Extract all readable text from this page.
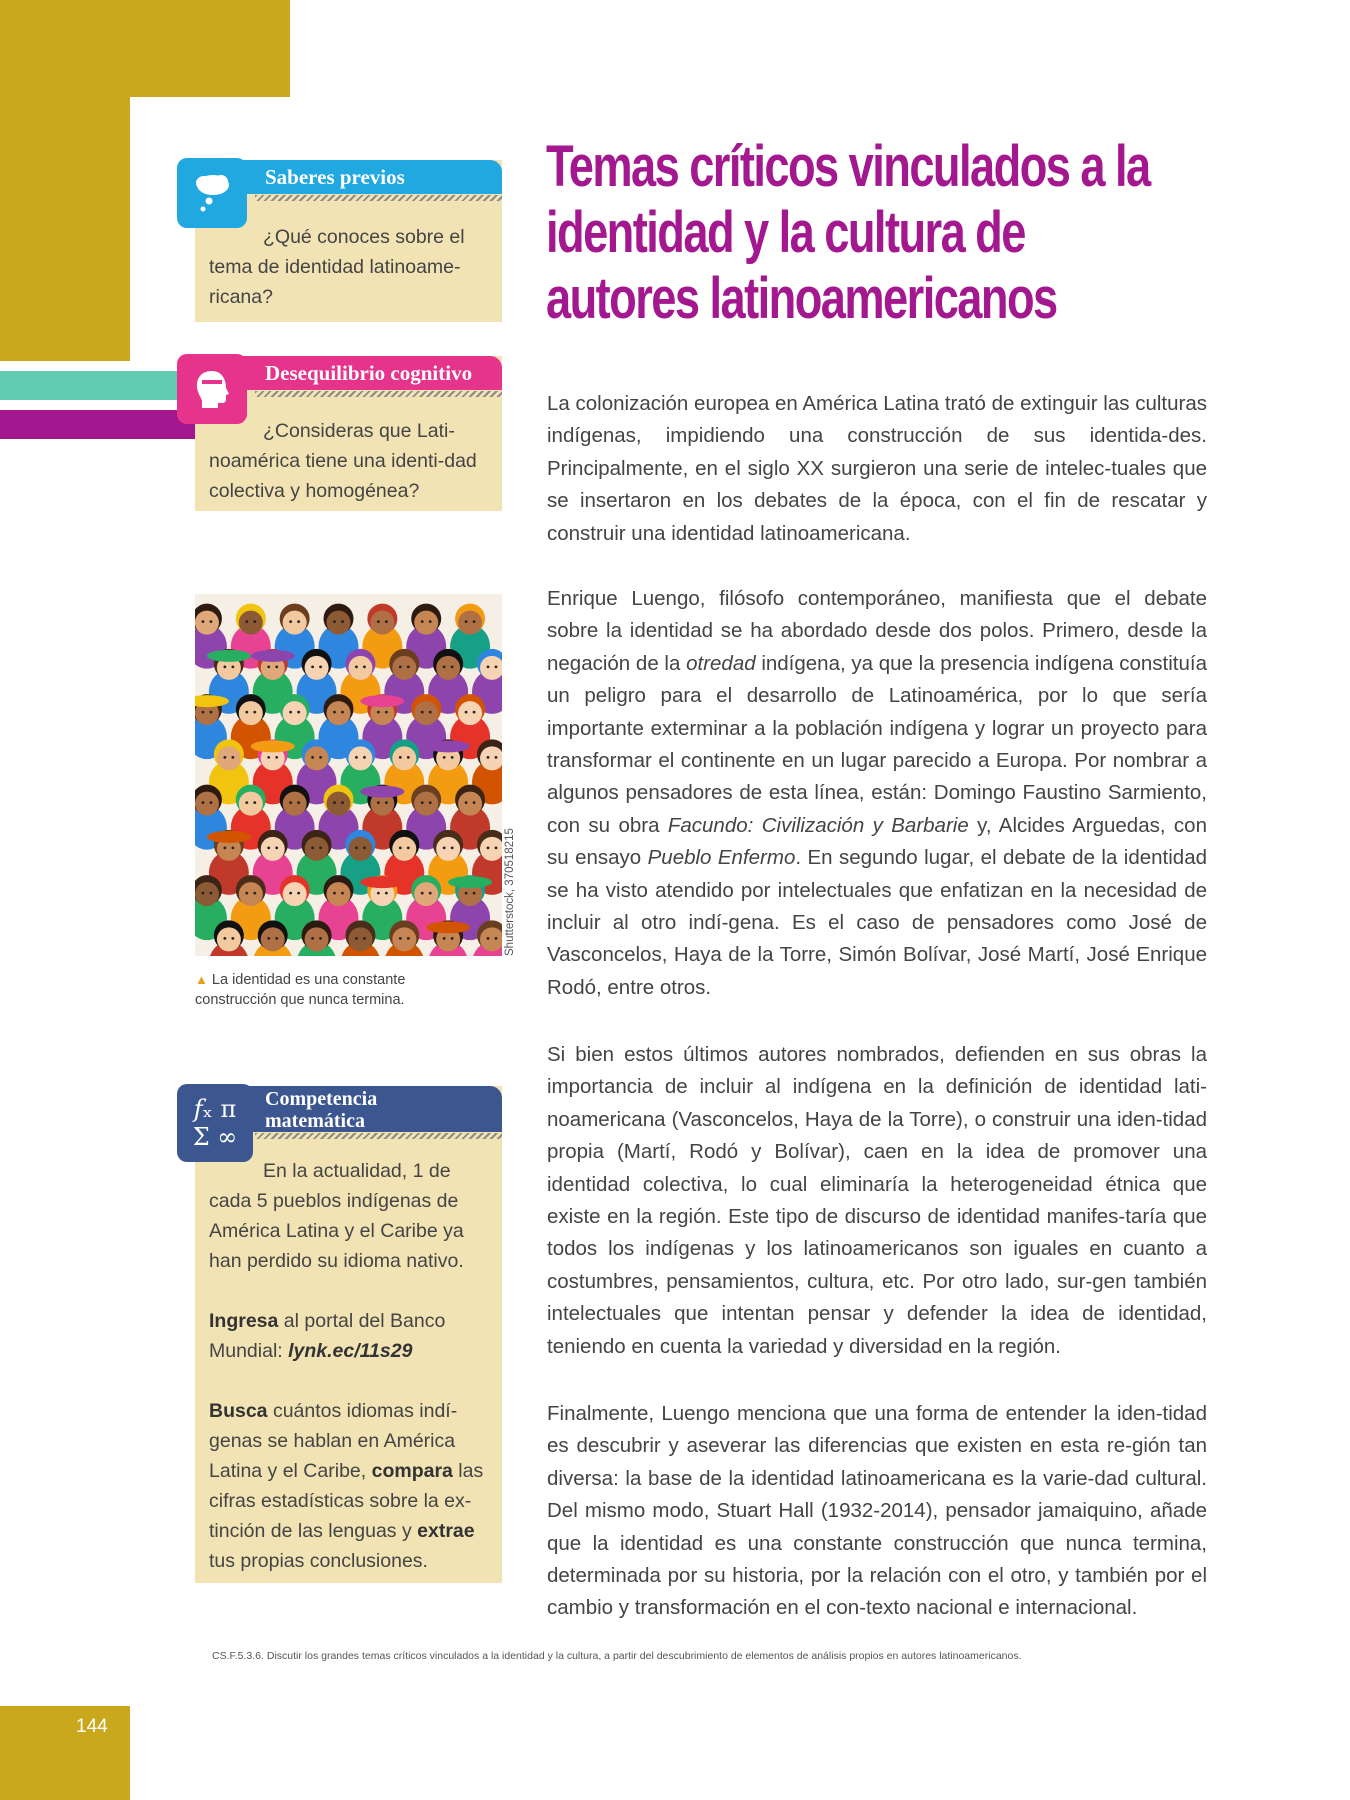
144
Saberes previos
¿Qué conoces sobre el tema de identidad latinoame-ricana?
Desequilibrio cognitivo
¿Consideras que Lati-noamérica tiene una identi-dad colectiva y homogénea?
Shutterstock, 370518215
▲ La identidad es una constante construcción que nunca termina.
Competencia
matemática
𝑓ₓ π
Σ ∞

En la actualidad, 1 de cada 5 pueblos indígenas de América Latina y el Caribe ya han perdido su idioma nativo.

Ingresa al portal del Banco Mundial: lynk.ec/11s29

Busca cuántos idiomas indí-genas se hablan en América Latina y el Caribe, compara las cifras estadísticas sobre la ex-tinción de las lenguas y extrae tus propias conclusiones.

Temas críticos vinculados a la identidad y la cultura de autores latinoamericanos

La colonización europea en América Latina trató de extinguir las culturas indígenas, impidiendo una construcción de sus identida-des. Principalmente, en el siglo XX surgieron una serie de intelec-tuales que se insertaron en los debates de la época, con el fin de rescatar y construir una identidad latinoamericana.

Enrique Luengo, filósofo contemporáneo, manifiesta que el debate sobre la identidad se ha abordado desde dos polos. Primero, desde la negación de la otredad indígena, ya que la presencia indígena constituía un peligro para el desarrollo de Latinoamérica, por lo que sería importante exterminar a la población indígena y lograr un proyecto para transformar el continente en un lugar parecido a Europa. Por nombrar a algunos pensadores de esta línea, están: Domingo Faustino Sarmiento, con su obra Facundo: Civilización y Barbarie y, Alcides Arguedas, con su ensayo Pueblo Enfermo. En segundo lugar, el debate de la identidad se ha visto atendido por intelectuales que enfatizan en la necesidad de incluir al otro indí-gena. Es el caso de pensadores como José de Vasconcelos, Haya de la Torre, Simón Bolívar, José Martí, José Enrique Rodó, entre otros.

Si bien estos últimos autores nombrados, defienden en sus obras la importancia de incluir al indígena en la definición de identidad lati-noamericana (Vasconcelos, Haya de la Torre), o construir una iden-tidad propia (Martí, Rodó y Bolívar), caen en la idea de promover una identidad colectiva, lo cual eliminaría la heterogeneidad étnica que existe en la región. Este tipo de discurso de identidad manifes-taría que todos los indígenas y los latinoamericanos son iguales en cuanto a costumbres, pensamientos, cultura, etc. Por otro lado, sur-gen también intelectuales que intentan pensar y defender la idea de identidad, teniendo en cuenta la variedad y diversidad en la región.

Finalmente, Luengo menciona que una forma de entender la iden-tidad es descubrir y aseverar las diferencias que existen en esta re-gión tan diversa: la base de la identidad latinoamericana es la varie-dad cultural. Del mismo modo, Stuart Hall (1932-2014), pensador jamaiquino, añade que la identidad es una constante construcción que nunca termina, determinada por su historia, por la relación con el otro, y también por el cambio y transformación en el con-texto nacional e internacional.

CS.F.5.3.6. Discutir los grandes temas críticos vinculados a la identidad y la cultura, a partir del descubrimiento de elementos de análisis propios en autores latinoamericanos.
